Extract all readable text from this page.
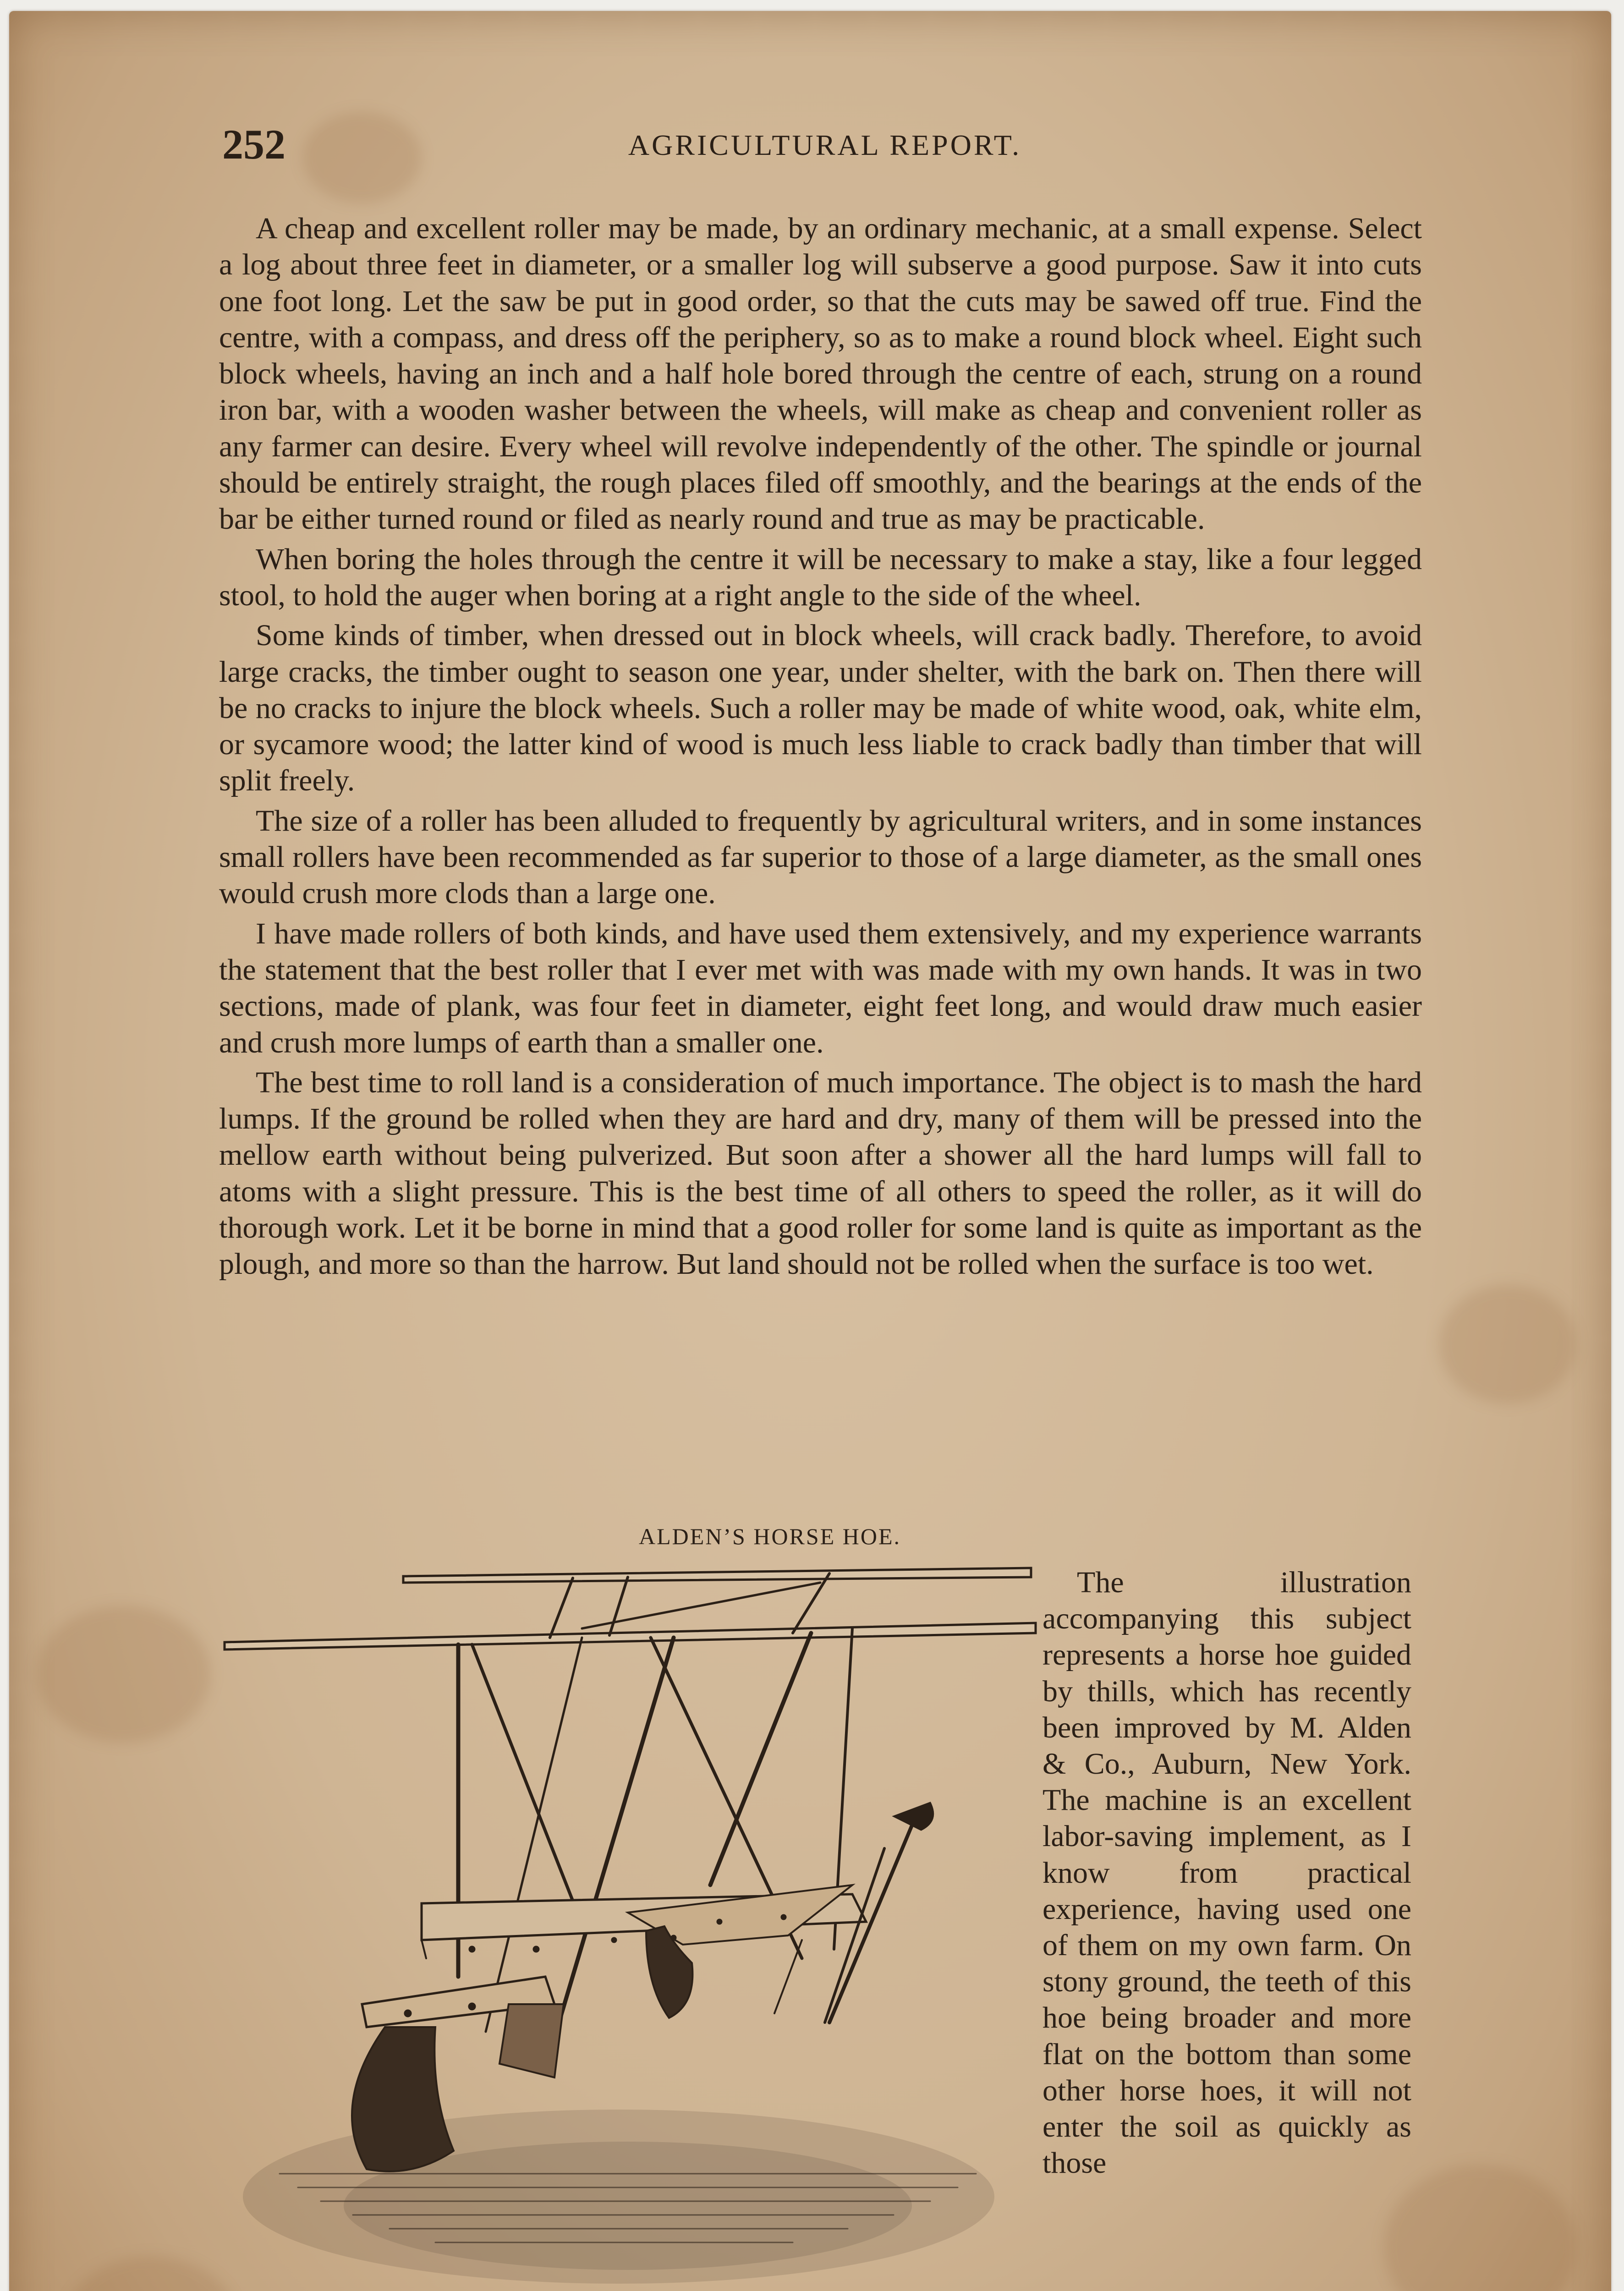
252	AGRICULTURAL REPORT.

A cheap and excellent roller may be made, by an ordinary mechanic, at a small expense. Select a log about three feet in diameter, or a smaller log will subserve a good purpose. Saw it into cuts one foot long. Let the saw be put in good order, so that the cuts may be sawed off true. Find the centre, with a compass, and dress off the periphery, so as to make a round block wheel. Eight such block wheels, having an inch and a half hole bored through the centre of each, strung on a round iron bar, with a wooden washer between the wheels, will make as cheap and convenient roller as any farmer can desire. Every wheel will revolve independently of the other. The spindle or journal should be entirely straight, the rough places filed off smoothly, and the bearings at the ends of the bar be either turned round or filed as nearly round and true as may be practicable.

When boring the holes through the centre it will be necessary to make a stay, like a four legged stool, to hold the auger when boring at a right angle to the side of the wheel.

Some kinds of timber, when dressed out in block wheels, will crack badly. Therefore, to avoid large cracks, the timber ought to season one year, under shelter, with the bark on. Then there will be no cracks to injure the block wheels. Such a roller may be made of white wood, oak, white elm, or sycamore wood; the latter kind of wood is much less liable to crack badly than timber that will split freely.

The size of a roller has been alluded to frequently by agricultural writers, and in some instances small rollers have been recommended as far superior to those of a large diameter, as the small ones would crush more clods than a large one.

I have made rollers of both kinds, and have used them extensively, and my experience warrants the statement that the best roller that I ever met with was made with my own hands. It was in two sections, made of plank, was four feet in diameter, eight feet long, and would draw much easier and crush more lumps of earth than a smaller one.

The best time to roll land is a consideration of much importance. The object is to mash the hard lumps. If the ground be rolled when they are hard and dry, many of them will be pressed into the mellow earth without being pulverized. But soon after a shower all the hard lumps will fall to atoms with a slight pressure. This is the best time of all others to speed the roller, as it will do thorough work. Let it be borne in mind that a good roller for some land is quite as important as the plough, and more so than the harrow. But land should not be rolled when the surface is too wet.

ALDEN’S HORSE HOE.

The illustration accompanying this subject represents a horse hoe guided by thills, which has recently been improved by M. Alden & Co., Auburn, New York. The machine is an excellent labor-saving implement, as I know from practical experience, having used one of them on my own farm. On stony ground, the teeth of this hoe being broader and more flat on the bottom than some other horse hoes, it will not enter the soil as quickly as those
